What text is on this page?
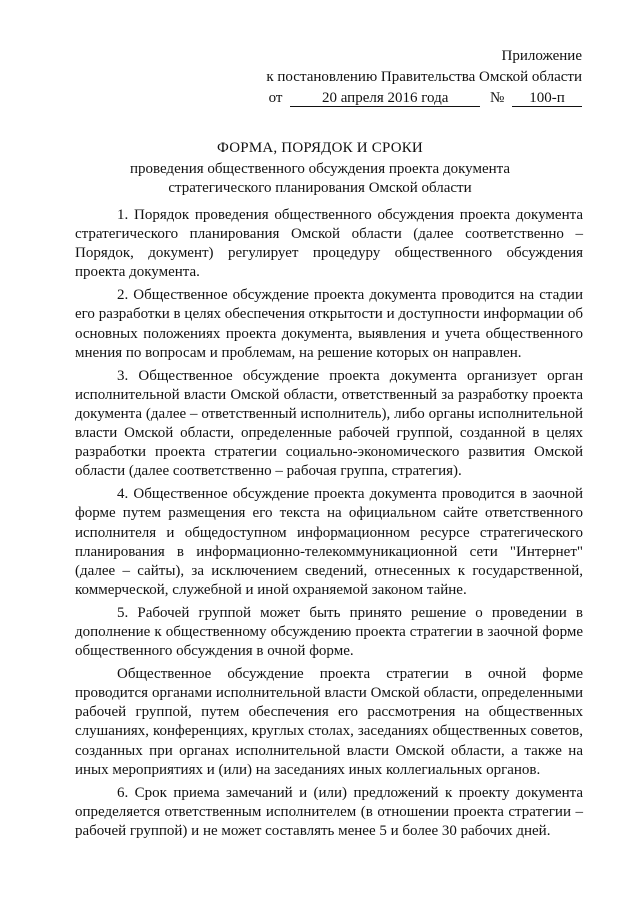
Приложение
к постановлению Правительства Омской области
от	20 апреля 2016 года	№ 100-п
ФОРМА, ПОРЯДОК И СРОКИ
проведения общественного обсуждения проекта документа
стратегического планирования Омской области

1. Порядок проведения общественного обсуждения проекта документа стратегического планирования Омской области (далее соответственно – Порядок, документ) регулирует процедуру общественного обсуждения проекта документа.

2. Общественное обсуждение проекта документа проводится на стадии его разработки в целях обеспечения открытости и доступности информации об основных положениях проекта документа, выявления и учета общественного мнения по вопросам и проблемам, на решение которых он направлен.

3. Общественное обсуждение проекта документа организует орган исполнительной власти Омской области, ответственный за разработку проекта документа (далее – ответственный исполнитель), либо органы исполнительной власти Омской области, определенные рабочей группой, созданной в целях разработки проекта стратегии социально-экономического развития Омской области (далее соответственно – рабочая группа, стратегия).

4. Общественное обсуждение проекта документа проводится в заочной форме путем размещения его текста на официальном сайте ответственного исполнителя и общедоступном информационном ресурсе стратегического планирования в информационно-телекоммуникационной сети "Интернет" (далее – сайты), за исключением сведений, отнесенных к государственной, коммерческой, служебной и иной охраняемой законом тайне.

5. Рабочей группой может быть принято решение о проведении в дополнение к общественному обсуждению проекта стратегии в заочной форме общественного обсуждения в очной форме.

Общественное обсуждение проекта стратегии в очной форме проводится органами исполнительной власти Омской области, определенными рабочей группой, путем обеспечения его рассмотрения на общественных слушаниях, конференциях, круглых столах, заседаниях общественных советов, созданных при органах исполнительной власти Омской области, а также на иных мероприятиях и (или) на заседаниях иных коллегиальных органов.

6. Срок приема замечаний и (или) предложений к проекту документа определяется ответственным исполнителем (в отношении проекта стратегии – рабочей группой) и не может составлять менее 5 и более 30 рабочих дней.
